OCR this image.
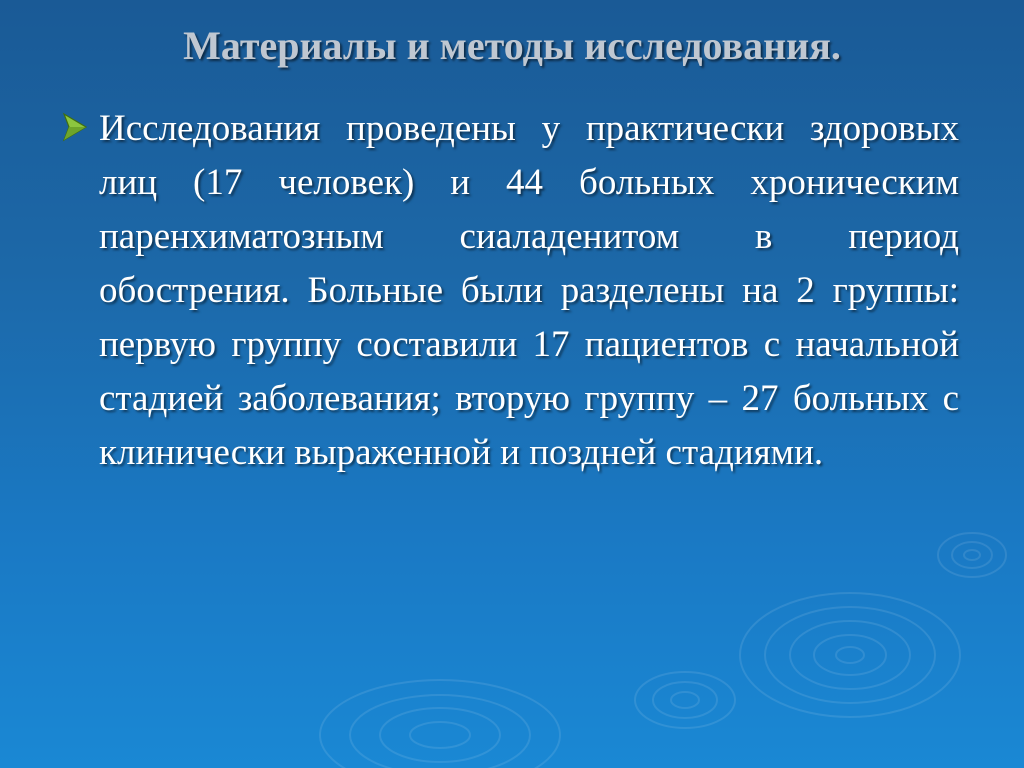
Материалы и методы исследования.

Исследования проведены у практически здоровых лиц (17 человек) и 44 больных хроническим паренхиматозным сиаладенитом в период обострения. Больные были разделены на 2 группы: первую группу составили 17 пациентов с начальной стадией заболевания; вторую группу – 27 больных с клинически выраженной и поздней стадиями.
